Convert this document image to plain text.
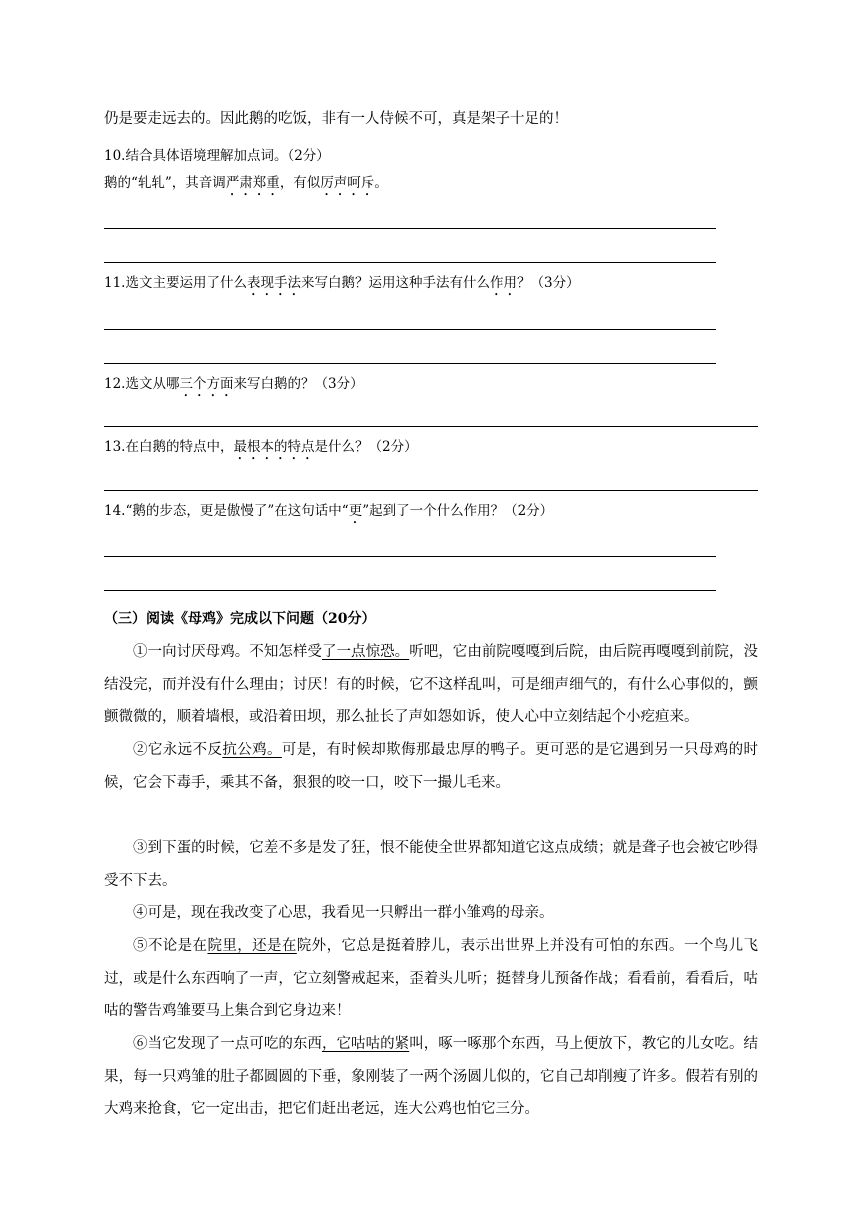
仍是要走远去的。因此鹅的吃饭，非有一人侍候不可，真是架子十足的！
10.结合具体语境理解加点词。（2分）
鹅的“轧轧”，其音调严肃郑重，有似厉声呵斥。
11.选文主要运用了什么表现手法来写白鹅？运用这种手法有什么作用？（3分）
12.选文从哪三个方面来写白鹅的？（3分）
13.在白鹅的特点中，最根本的特点是什么？（2分）
14.“鹅的步态，更是傲慢了”在这句话中“更”起到了一个什么作用？（2分）
（三）阅读《母鸡》完成以下问题（20分）
①一向讨厌母鸡。不知怎样受了一点惊恐。听吧，它由前院嘎嘎到后院，由后院再嘎嘎到前院，没结没完，而并没有什么理由；讨厌！有的时候，它不这样乱叫，可是细声细气的，有什么心事似的，颤颤微微的，顺着墙根，或沿着田坝，那么扯长了声如怨如诉，使人心中立刻结起个小疙疸来。
②它永远不反抗公鸡。可是，有时候却欺侮那最忠厚的鸭子。更可恶的是它遇到另一只母鸡的时候，它会下毒手，乘其不备，狠狠的咬一口，咬下一撮儿毛来。
③到下蛋的时候，它差不多是发了狂，恨不能使全世界都知道它这点成绩；就是聋子也会被它吵得受不下去。
④可是，现在我改变了心思，我看见一只孵出一群小雏鸡的母亲。
⑤不论是在院里，还是在院外，它总是挺着脖儿，表示出世界上并没有可怕的东西。一个鸟儿飞过，或是什么东西响了一声，它立刻警戒起来，歪着头儿听；挺替身儿预备作战；看看前，看看后，咕咕的警告鸡雏要马上集合到它身边来！
⑥当它发现了一点可吃的东西，它咕咕的紧叫，啄一啄那个东西，马上便放下，教它的儿女吃。结果，每一只鸡雏的肚子都圆圆的下垂，象刚装了一两个汤圆儿似的，它自己却削瘦了许多。假若有别的大鸡来抢食，它一定出击，把它们赶出老远，连大公鸡也怕它三分。
